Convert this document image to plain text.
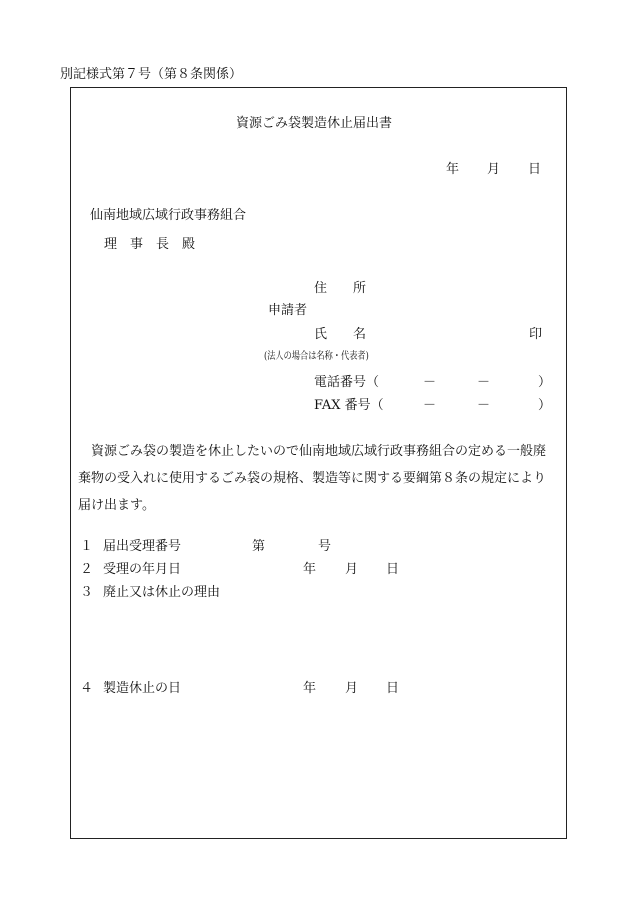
別記様式第７号（第８条関係）
資源ごみ袋製造休止届出書
年 月 日
仙南地域広域行政事務組合
理　事　長　殿
住　　所
申請者
氏　　名	印
(法人の場合は名称・代表者)
電話番号（	－	－	）
FAX 番号（	－	－	）
　資源ごみ袋の製造を休止したいので仙南地域広域行政事務組合の定める一般廃棄物の受入れに使用するごみ袋の規格、製造等に関する要綱第８条の規定により届け出ます。
１ 届出受理番号	第	号
２ 受理の年月日	年 月 日
３ 廃止又は休止の理由
４ 製造休止の日	年 月 日
